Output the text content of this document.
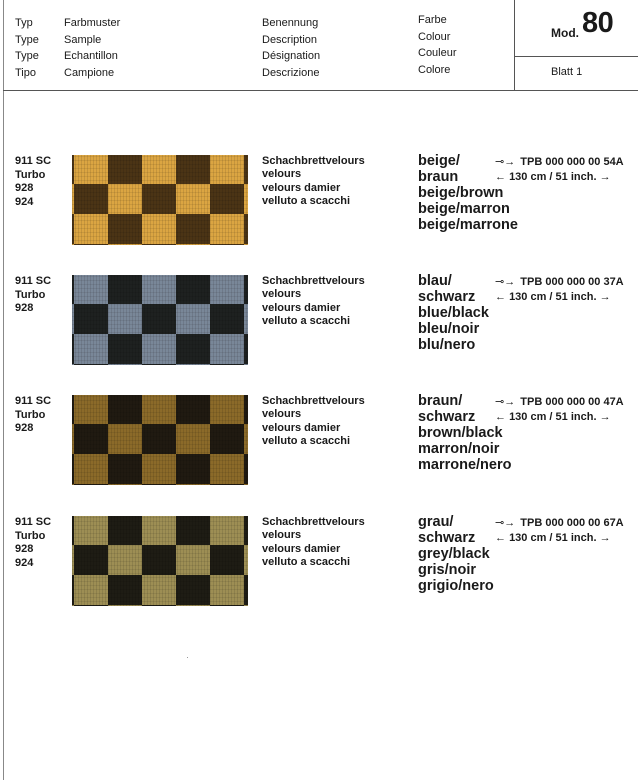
Typ
Type
Type
Tipo
Farbmuster
Sample
Echantillon
Campione
Benennung
Description
Désignation
Descrizione
Farbe
Colour
Couleur
Colore
Mod. 80
Blatt 1
911 SC
Turbo
928
924
Schachbrettvelours
velours
velours damier
velluto a scacchi
beige/
braun
beige/brown
beige/marron
beige/marrone
⊸→ TPB 000 000 00 54A
← 130 cm / 51 inch. →
911 SC
Turbo
928
Schachbrettvelours
velours
velours damier
velluto a scacchi
blau/
schwarz
blue/black
bleu/noir
blu/nero
⊸→ TPB 000 000 00 37A
← 130 cm / 51 inch. →
911 SC
Turbo
928
Schachbrettvelours
velours
velours damier
velluto a scacchi
braun/
schwarz
brown/black
marron/noir
marrone/nero
⊸→ TPB 000 000 00 47A
← 130 cm / 51 inch. →
911 SC
Turbo
928
924
Schachbrettvelours
velours
velours damier
velluto a scacchi
grau/
schwarz
grey/black
gris/noir
grigio/nero
⊸→ TPB 000 000 00 67A
← 130 cm / 51 inch. →
